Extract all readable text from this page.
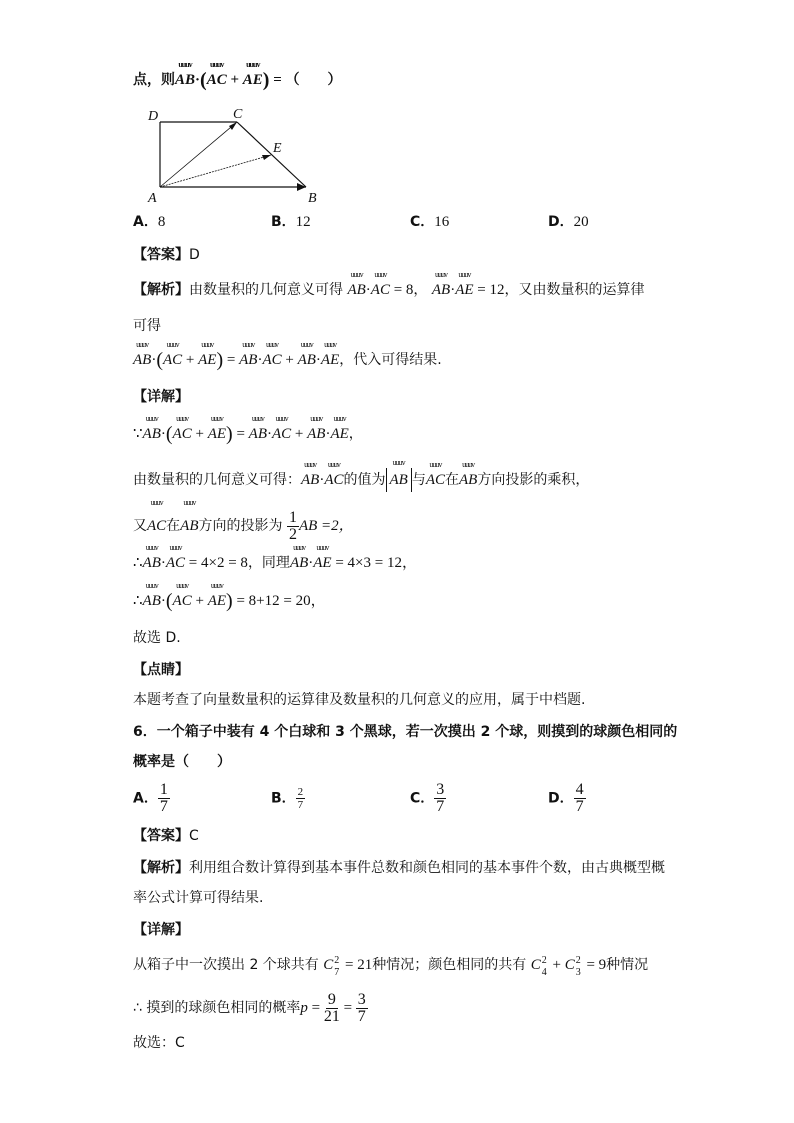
点，则uuuv AB·(uuuv AC + uuuv AE) = （　　）
D	C
E
A	B
A．8	B．12	C．16	D．20
【答案】D
【解析】由数量积的几何意义可得 uuuv AB·uuuv AC = 8， uuuv AB·uuuv AE = 12，又由数量积的运算律
可得
uuuv AB·(uuuv AC + uuuv AE) = uuuv AB·uuuv AC + uuuv AB·uuuv AE，代入可得结果.
【详解】
∵uuuv AB·(uuuv AC + uuuv AE) = uuuv AB·uuuv AC + uuuv AB·uuuv AE，
由数量积的几何意义可得：uuuv AB·uuuv AC的值为 uuuv AB 与uuuv AC在uuuv AB方向投影的乘积，
又uuuv AC在uuuv AB方向的投影为 $\frac{1}{2}$ AB =2，
∴uuuv AB·uuuv AC = 4×2 = 8，同理uuuv AB·uuuv AE = 4×3 = 12，
∴uuuv AB·(uuuv AC + uuuv AE) = 8+12 = 20，
故选 D.
【点睛】
本题考查了向量数量积的运算律及数量积的几何意义的应用，属于中档题.
6．一个箱子中装有 4 个白球和 3 个黑球，若一次摸出 2 个球，则摸到的球颜色相同的
概率是（　　）
A． $\frac{1}{7}$	B． $\frac{2}{7}$	C． $\frac{3}{7}$	D． $\frac{4}{7}$
【答案】C
【解析】利用组合数计算得到基本事件总数和颜色相同的基本事件个数，由古典概型概
率公式计算可得结果.
【详解】
从箱子中一次摸出 2 个球共有 C 2
7 = 21种情况；颜色相同的共有 C 2
4 + C 2
3 = 9种情况
∴ 摸到的球颜色相同的概率$p = \frac{9}{21} = \frac{3}{7}$
故选：C
